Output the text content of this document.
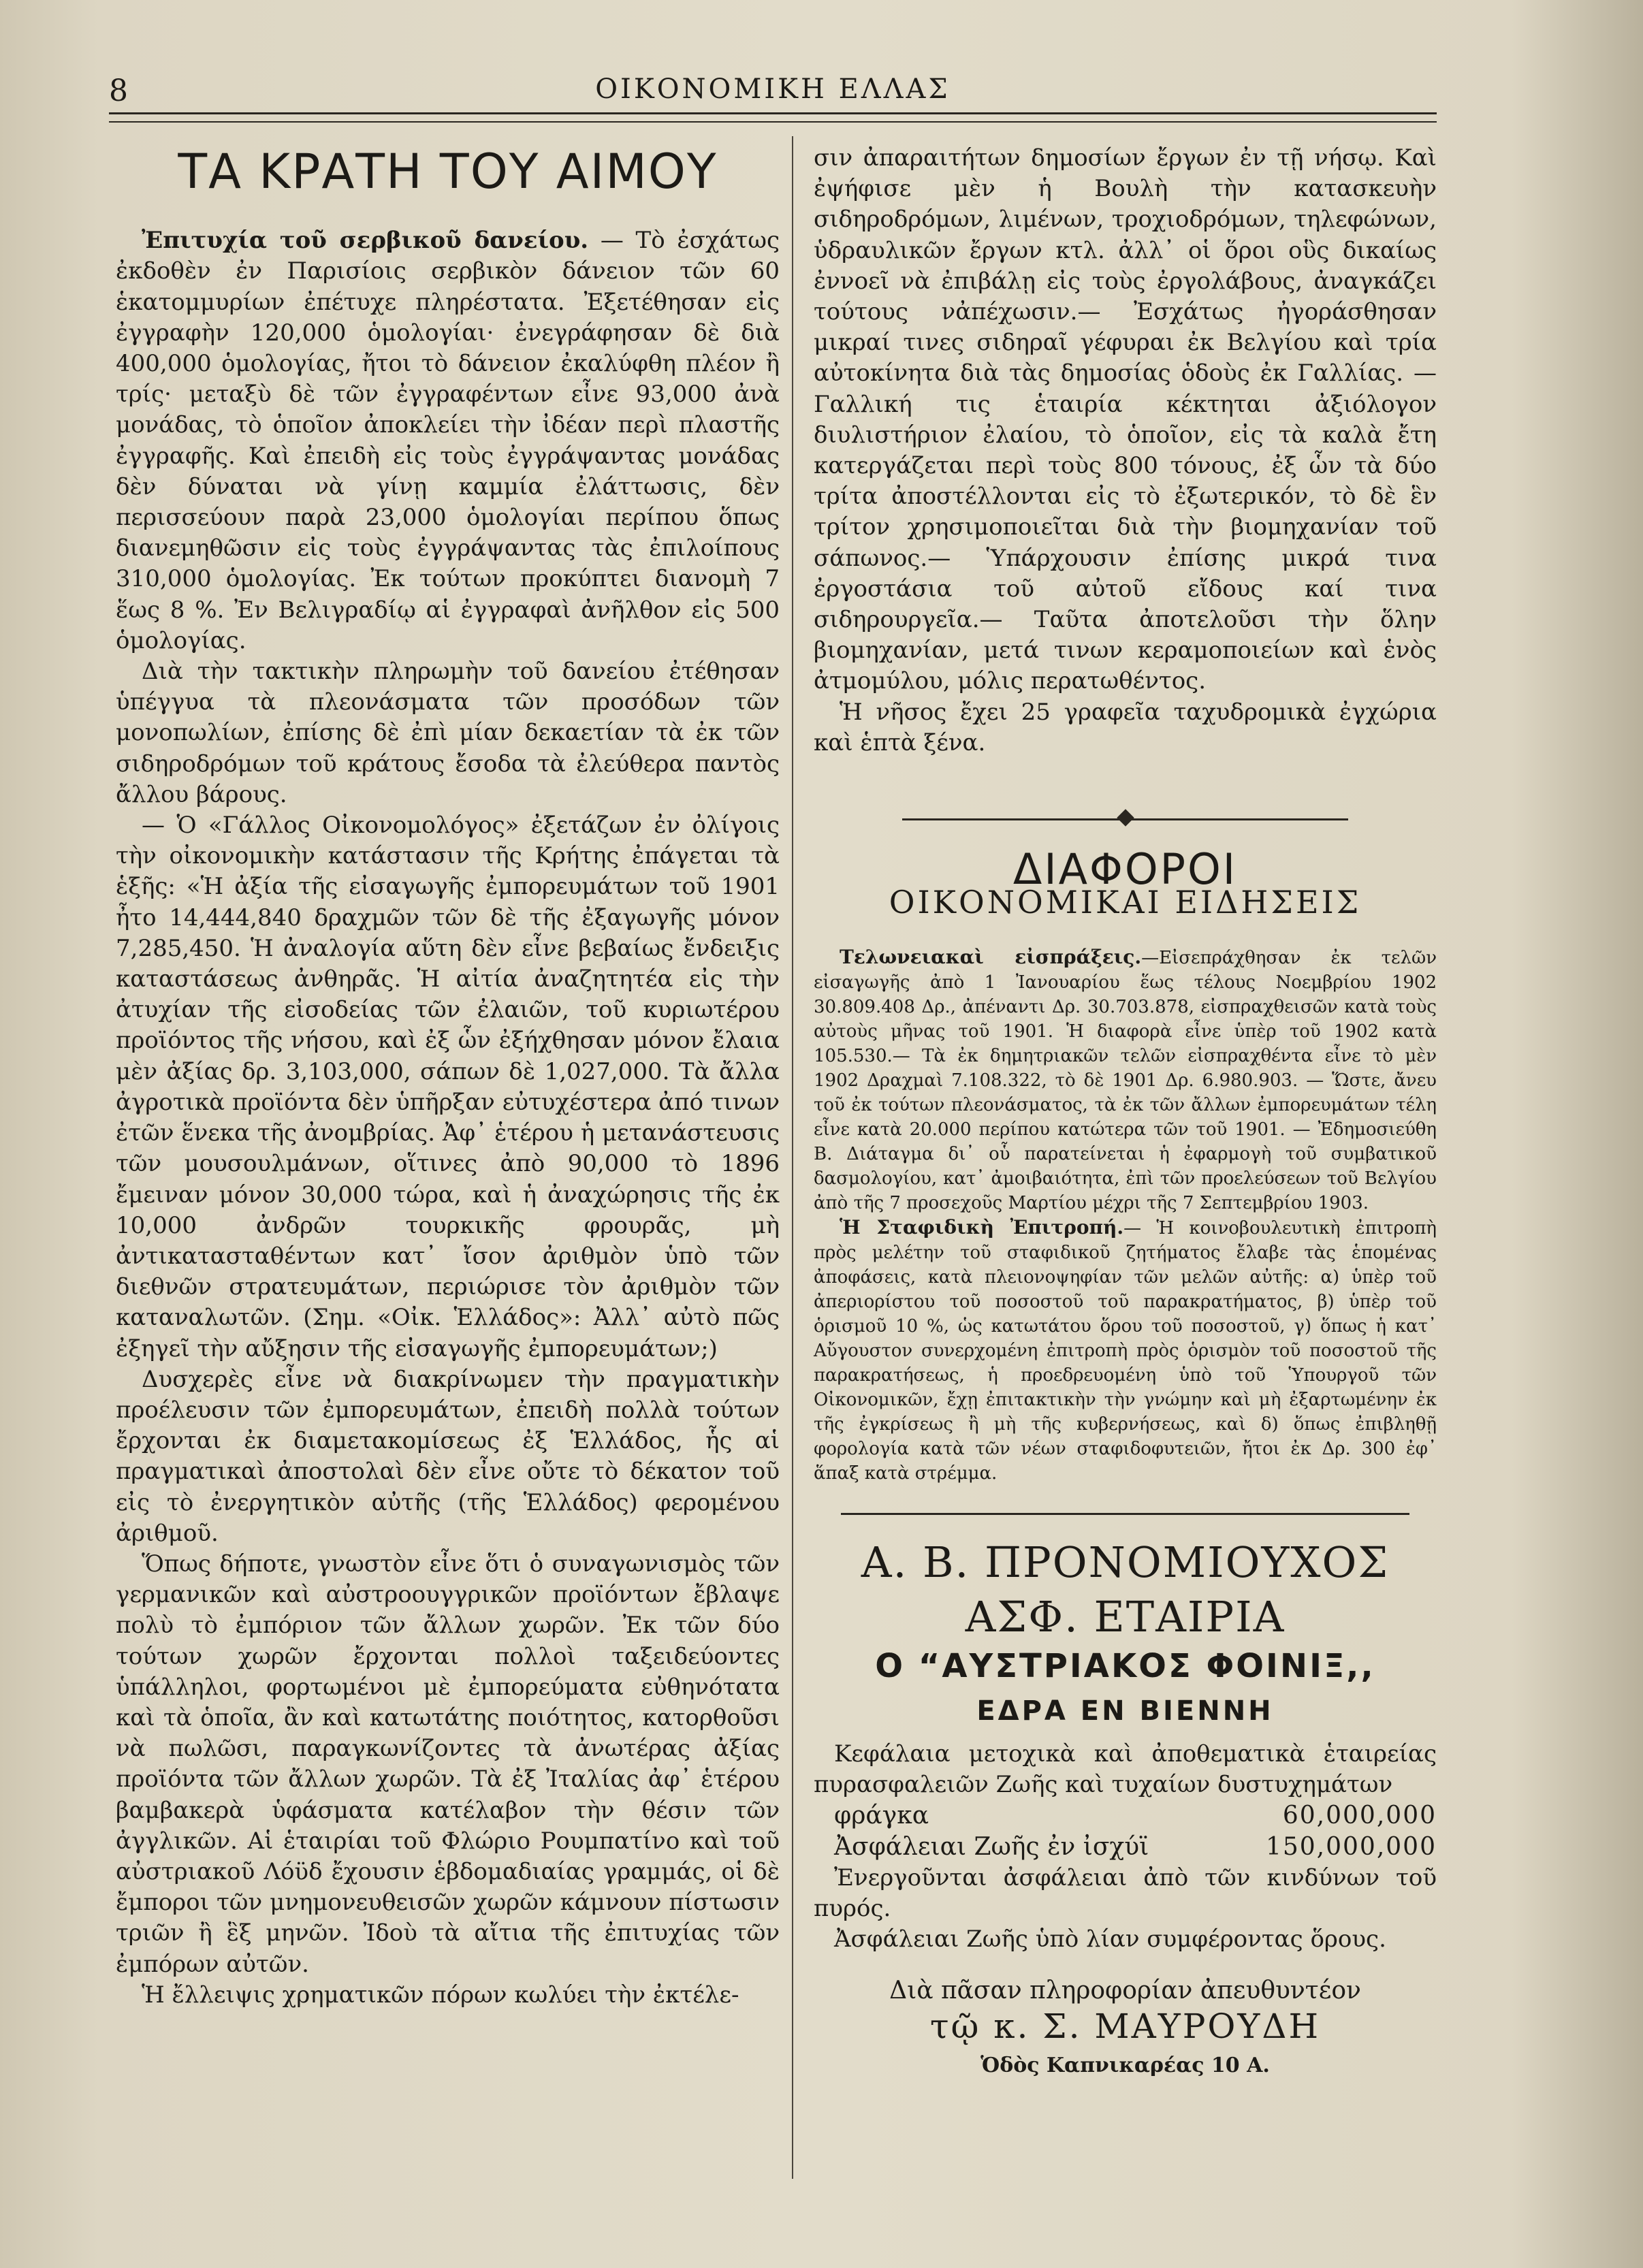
8	ΟΙΚΟΝΟΜΙΚΗ ΕΛΛΑΣ
ΤΑ ΚΡΑΤΗ ΤΟΥ ΑΙΜΟΥ

Ἐπιτυχία τοῦ σερβικοῦ δανείου. — Τὸ ἐσχάτως ἐκδοθὲν ἐν Παρισίοις σερβικὸν δάνειον τῶν 60 ἑκατομμυρίων ἐπέτυχε πληρέστατα. Ἐξετέθησαν εἰς ἐγγραφὴν 120,000 ὁμολογίαι· ἐνεγράφησαν δὲ διὰ 400,000 ὁμολογίας, ἤτοι τὸ δάνειον ἐκαλύφθη πλέον ἢ τρίς· μεταξὺ δὲ τῶν ἐγγραφέντων εἶνε 93,000 ἀνὰ μονάδας, τὸ ὁποῖον ἀποκλείει τὴν ἰδέαν περὶ πλαστῆς ἐγγραφῆς. Καὶ ἐπειδὴ εἰς τοὺς ἐγγράψαντας μονάδας δὲν δύναται νὰ γίνῃ καμμία ἐλάττωσις, δὲν περισσεύουν παρὰ 23,000 ὁμολογίαι περίπου ὅπως διανεμηθῶσιν εἰς τοὺς ἐγγράψαντας τὰς ἐπιλοίπους 310,000 ὁμολογίας. Ἐκ τούτων προκύπτει διανομὴ 7 ἕως 8 %. Ἐν Βελιγραδίῳ αἱ ἐγγραφαὶ ἀνῆλθον εἰς 500 ὁμολογίας.

Διὰ τὴν τακτικὴν πληρωμὴν τοῦ δανείου ἐτέθησαν ὑπέγγυα τὰ πλεονάσματα τῶν προσόδων τῶν μονοπωλίων, ἐπίσης δὲ ἐπὶ μίαν δεκαετίαν τὰ ἐκ τῶν σιδηροδρόμων τοῦ κράτους ἔσοδα τὰ ἐλεύθερα παντὸς ἄλλου βάρους.

— Ὁ «Γάλλος Οἰκονομολόγος» ἐξετάζων ἐν ὀλίγοις τὴν οἰκονομικὴν κατάστασιν τῆς Κρήτης ἐπάγεται τὰ ἑξῆς: «Ἡ ἀξία τῆς εἰσαγωγῆς ἐμπορευμάτων τοῦ 1901 ἦτο 14,444,840 δραχμῶν τῶν δὲ τῆς ἐξαγωγῆς μόνον 7,285,450. Ἡ ἀναλογία αὕτη δὲν εἶνε βεβαίως ἔνδειξις καταστάσεως ἀνθηρᾶς. Ἡ αἰτία ἀναζητητέα εἰς τὴν ἀτυχίαν τῆς εἰσοδείας τῶν ἐλαιῶν, τοῦ κυριωτέρου προϊόντος τῆς νήσου, καὶ ἐξ ὧν ἐξήχθησαν μόνον ἔλαια μὲν ἀξίας δρ. 3,103,000, σάπων δὲ 1,027,000. Τὰ ἄλλα ἀγροτικὰ προϊόντα δὲν ὑπῆρξαν εὐτυχέστερα ἀπό τινων ἐτῶν ἕνεκα τῆς ἀνομβρίας. Ἀφ᾽ ἑτέρου ἡ μετανάστευσις τῶν μουσουλμάνων, οἵτινες ἀπὸ 90,000 τὸ 1896 ἔμειναν μόνον 30,000 τώρα, καὶ ἡ ἀναχώρησις τῆς ἐκ 10,000 ἀνδρῶν τουρκικῆς φρουρᾶς, μὴ ἀντικατασταθέντων κατ᾽ ἴσον ἀριθμὸν ὑπὸ τῶν διεθνῶν στρατευμάτων, περιώρισε τὸν ἀριθμὸν τῶν καταναλωτῶν. (Σημ. «Οἰκ. Ἑλλάδος»: Ἀλλ᾽ αὐτὸ πῶς ἐξηγεῖ τὴν αὔξησιν τῆς εἰσαγωγῆς ἐμπορευμάτων;)

Δυσχερὲς εἶνε νὰ διακρίνωμεν τὴν πραγματικὴν προέλευσιν τῶν ἐμπορευμάτων, ἐπειδὴ πολλὰ τούτων ἔρχονται ἐκ διαμετακομίσεως ἐξ Ἑλλάδος, ἧς αἱ πραγματικαὶ ἀποστολαὶ δὲν εἶνε οὔτε τὸ δέκατον τοῦ εἰς τὸ ἐνεργητικὸν αὐτῆς (τῆς Ἑλλάδος) φερομένου ἀριθμοῦ.

Ὅπως δήποτε, γνωστὸν εἶνε ὅτι ὁ συναγωνισμὸς τῶν γερμανικῶν καὶ αὐστροουγγρικῶν προϊόντων ἔβλαψε πολὺ τὸ ἐμπόριον τῶν ἄλλων χωρῶν. Ἐκ τῶν δύο τούτων χωρῶν ἔρχονται πολλοὶ ταξειδεύοντες ὑπάλληλοι, φορτωμένοι μὲ ἐμπορεύματα εὐθηνότατα καὶ τὰ ὁποῖα, ἂν καὶ κατωτάτης ποιότητος, κατορθοῦσι νὰ πωλῶσι, παραγκωνίζοντες τὰ ἀνωτέρας ἀξίας προϊόντα τῶν ἄλλων χωρῶν. Τὰ ἐξ Ἰταλίας ἀφ᾽ ἑτέρου βαμβακερὰ ὑφάσματα κατέλαβον τὴν θέσιν τῶν ἀγγλικῶν. Αἱ ἑταιρίαι τοῦ Φλώριο Ρουμπατίνο καὶ τοῦ αὐστριακοῦ Λόϋδ ἔχουσιν ἑβδομαδιαίας γραμμάς, οἱ δὲ ἔμποροι τῶν μνημονευθεισῶν χωρῶν κάμνουν πίστωσιν τριῶν ἢ ἓξ μηνῶν. Ἰδοὺ τὰ αἴτια τῆς ἐπιτυχίας τῶν ἐμπόρων αὐτῶν.

Ἡ ἔλλειψις χρηματικῶν πόρων κωλύει τὴν ἐκτέλε-

σιν ἀπαραιτήτων δημοσίων ἔργων ἐν τῇ νήσῳ. Καὶ ἐψήφισε μὲν ἡ Βουλὴ τὴν κατασκευὴν σιδηροδρόμων, λιμένων, τροχιοδρόμων, τηλεφώνων, ὑδραυλικῶν ἔργων κτλ. ἀλλ᾽ οἱ ὅροι οὓς δικαίως ἐννοεῖ νὰ ἐπιβάλῃ εἰς τοὺς ἐργολάβους, ἀναγκάζει τούτους νἀπέχωσιν.— Ἐσχάτως ἠγοράσθησαν μικραί τινες σιδηραῖ γέφυραι ἐκ Βελγίου καὶ τρία αὐτοκίνητα διὰ τὰς δημοσίας ὁδοὺς ἐκ Γαλλίας. —Γαλλική τις ἑταιρία κέκτηται ἀξιόλογον διυλιστήριον ἐλαίου, τὸ ὁποῖον, εἰς τὰ καλὰ ἔτη κατεργάζεται περὶ τοὺς 800 τόνους, ἐξ ὧν τὰ δύο τρίτα ἀποστέλλονται εἰς τὸ ἐξωτερικόν, τὸ δὲ ἓν τρίτον χρησιμοποιεῖται διὰ τὴν βιομηχανίαν τοῦ σάπωνος.— Ὑπάρχουσιν ἐπίσης μικρά τινα ἐργοστάσια τοῦ αὐτοῦ εἴδους καί τινα σιδηρουργεῖα.— Ταῦτα ἀποτελοῦσι τὴν ὅλην βιομηχανίαν, μετά τινων κεραμοποιείων καὶ ἑνὸς ἀτμομύλου, μόλις περατωθέντος.

Ἡ νῆσος ἔχει 25 γραφεῖα ταχυδρομικὰ ἐγχώρια καὶ ἑπτὰ ξένα.

ΔΙΑΦΟΡΟΙ
ΟΙΚΟΝΟΜΙΚΑΙ ΕΙΔΗΣΕΙΣ

Τελωνειακαὶ εἰσπράξεις.—Εἰσεπράχθησαν ἐκ τελῶν εἰσαγωγῆς ἀπὸ 1 Ἰανουαρίου ἕως τέλους Νοεμβρίου 1902 30.809.408 Δρ., ἀπέναντι Δρ. 30.703.878, εἰσπραχθεισῶν κατὰ τοὺς αὐτοὺς μῆνας τοῦ 1901. Ἡ διαφορὰ εἶνε ὑπὲρ τοῦ 1902 κατὰ 105.530.— Τὰ ἐκ δημητριακῶν τελῶν εἰσπραχθέντα εἶνε τὸ μὲν 1902 Δραχμαὶ 7.108.322, τὸ δὲ 1901 Δρ. 6.980.903. — Ὥστε, ἄνευ τοῦ ἐκ τούτων πλεονάσματος, τὰ ἐκ τῶν ἄλλων ἐμπορευμάτων τέλη εἶνε κατὰ 20.000 περίπου κατώτερα τῶν τοῦ 1901. — Ἐδημοσιεύθη Β. Διάταγμα δι᾽ οὗ παρατείνεται ἡ ἐφαρμογὴ τοῦ συμβατικοῦ δασμολογίου, κατ᾽ ἀμοιβαιότητα, ἐπὶ τῶν προελεύσεων τοῦ Βελγίου ἀπὸ τῆς 7 προσεχοῦς Μαρτίου μέχρι τῆς 7 Σεπτεμβρίου 1903.

Ἡ Σταφιδικὴ Ἐπιτροπή.— Ἡ κοινοβουλευτικὴ ἐπιτροπὴ πρὸς μελέτην τοῦ σταφιδικοῦ ζητήματος ἔλαβε τὰς ἑπομένας ἀποφάσεις, κατὰ πλειονοψηφίαν τῶν μελῶν αὐτῆς: α) ὑπὲρ τοῦ ἀπεριορίστου τοῦ ποσοστοῦ τοῦ παρακρατήματος, β) ὑπὲρ τοῦ ὁρισμοῦ 10 %, ὡς κατωτάτου ὅρου τοῦ ποσοστοῦ, γ) ὅπως ἡ κατ᾽ Αὔγουστον συνερχομένη ἐπιτροπὴ πρὸς ὁρισμὸν τοῦ ποσοστοῦ τῆς παρακρατήσεως, ἡ προεδρευομένη ὑπὸ τοῦ Ὑπουργοῦ τῶν Οἰκονομικῶν, ἔχῃ ἐπιτακτικὴν τὴν γνώμην καὶ μὴ ἐξαρτωμένην ἐκ τῆς ἐγκρίσεως ἢ μὴ τῆς κυβερνήσεως, καὶ δ) ὅπως ἐπιβληθῇ φορολογία κατὰ τῶν νέων σταφιδοφυτειῶν, ἤτοι ἐκ Δρ. 300 ἐφ᾽ ἅπαξ κατὰ στρέμμα.

Α. Β. ΠΡΟΝΟΜΙΟΥΧΟΣ ΑΣΦ. ΕΤΑΙΡΙΑ
Ο “ΑΥΣΤΡΙΑΚΟΣ ΦΟΙΝΙΞ,,
ΕΔΡΑ ΕΝ ΒΙΕΝΝΗ

Κεφάλαια μετοχικὰ καὶ ἀποθεματικὰ ἑταιρείας πυρασφαλειῶν Ζωῆς καὶ τυχαίων δυστυχημάτων

φράγκα	60,000,000
Ἀσφάλειαι Ζωῆς ἐν ἰσχύϊ	150,000,000

Ἐνεργοῦνται ἀσφάλειαι ἀπὸ τῶν κινδύνων τοῦ πυρός.

Ἀσφάλειαι Ζωῆς ὑπὸ λίαν συμφέροντας ὅρους.

Διὰ πᾶσαν πληροφορίαν ἀπευθυντέον
τῷ κ. Σ. ΜΑΥΡΟΥΔΗ
Ὁδὸς Καπνικαρέας 10 Α.
